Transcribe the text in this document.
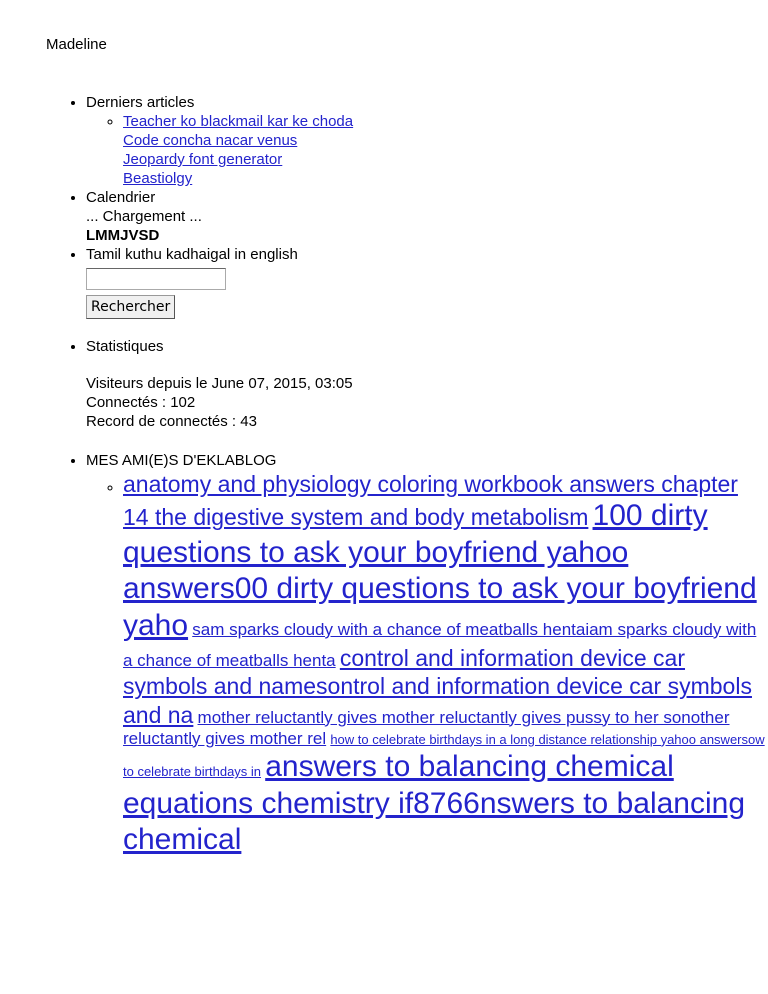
Madeline
• Derniers articles
◦ Teacher ko blackmail kar ke choda
Code concha nacar venus
Jeopardy font generator
Beastiolgy
• Calendrier
... Chargement ...
LMMJVSD
• Tamil kuthu kadhaigal in english
Rechercher
• Statistiques
Visiteurs depuis le June 07, 2015, 03:05
Connectés : 102
Record de connectés : 43
• MES AMI(E)S D'EKLABLOG
◦ anatomy and physiology coloring workbook answers chapter 14 the digestive system and body metabolism 100 dirty questions to ask your boyfriend yahoo answers00 dirty questions to ask your boyfriend yaho sam sparks cloudy with a chance of meatballs hentaiam sparks cloudy with a chance of meatballs henta control and information device car symbols and namesontrol and information device car symbols and na mother reluctantly gives mother reluctantly gives pussy to her sonother reluctantly gives mother rel how to celebrate birthdays in a long distance relationship yahoo answersow to celebrate birthdays in answers to balancing chemical equations chemistry if8766nswers to balancing chemical
